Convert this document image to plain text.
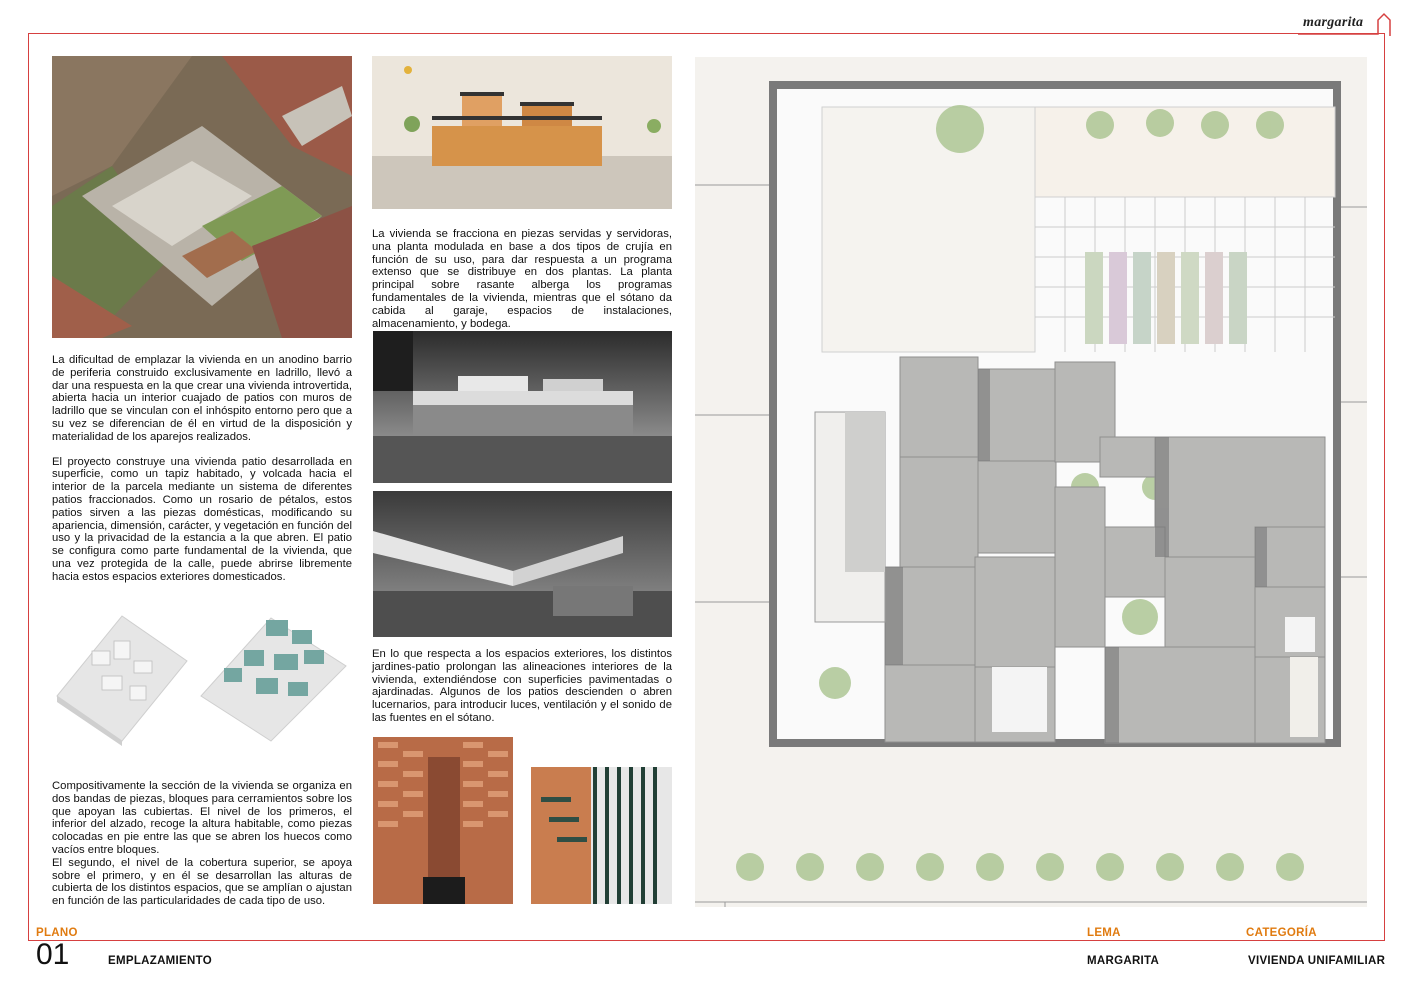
margarita

La vivienda se fracciona en piezas servidas y servidoras, una planta modulada en base a dos tipos de crujía en función de su uso, para dar respuesta a un programa extenso que se distribuye en dos plantas. La planta principal sobre rasante alberga los programas fundamentales de la vivienda, mientras que el sótano da cabida al garaje, espacios de instalaciones, almacenamiento, y bodega.

En lo que respecta a los espacios exteriores, los distintos jardines-patio prolongan las alineaciones interiores de la vivienda, extendiéndose con superficies pavimentadas o ajardinadas. Algunos de los patios descienden o abren lucernarios, para introducir luces, ventilación y el sonido de las fuentes en el sótano.

La dificultad de emplazar la vivienda en un anodino barrio de periferia construido exclusivamente en ladrillo, llevó a dar una respuesta en la que crear una vivienda introvertida, abierta hacia un interior cuajado de patios con muros de ladrillo que se vinculan con el inhóspito entorno pero que a su vez se diferencian de él en virtud de la disposición y materialidad de los aparejos realizados.

El proyecto construye una vivienda patio desarrollada en superficie, como un tapiz habitado, y volcada hacia el interior de la parcela mediante un sistema de diferentes patios fraccionados. Como un rosario de pétalos, estos patios sirven a las piezas domésticas, modificando su apariencia, dimensión, carácter, y vegetación en función del uso y la privacidad de la estancia a la que abren. El patio se configura como parte fundamental de la vivienda, que una vez protegida de la calle, puede abrirse libremente hacia estos espacios exteriores domesticados.

Compositivamente la sección de la vivienda se organiza en dos bandas de piezas, bloques para cerramientos sobre los que apoyan las cubiertas. El nivel de los primeros, el inferior del alzado, recoge la altura habitable, como piezas colocadas en pie entre las que se abren los huecos como vacíos entre bloques.

El segundo, el nivel de la cobertura superior, se apoya sobre el primero, y en él se desarrollan las alturas de cubierta de los distintos espacios, que se amplían o ajustan en función de las particularidades de cada tipo de uso.

PLANO
01	EMPLAZAMIENTO
LEMA
MARGARITA
CATEGORÍA
VIVIENDA UNIFAMILIAR
